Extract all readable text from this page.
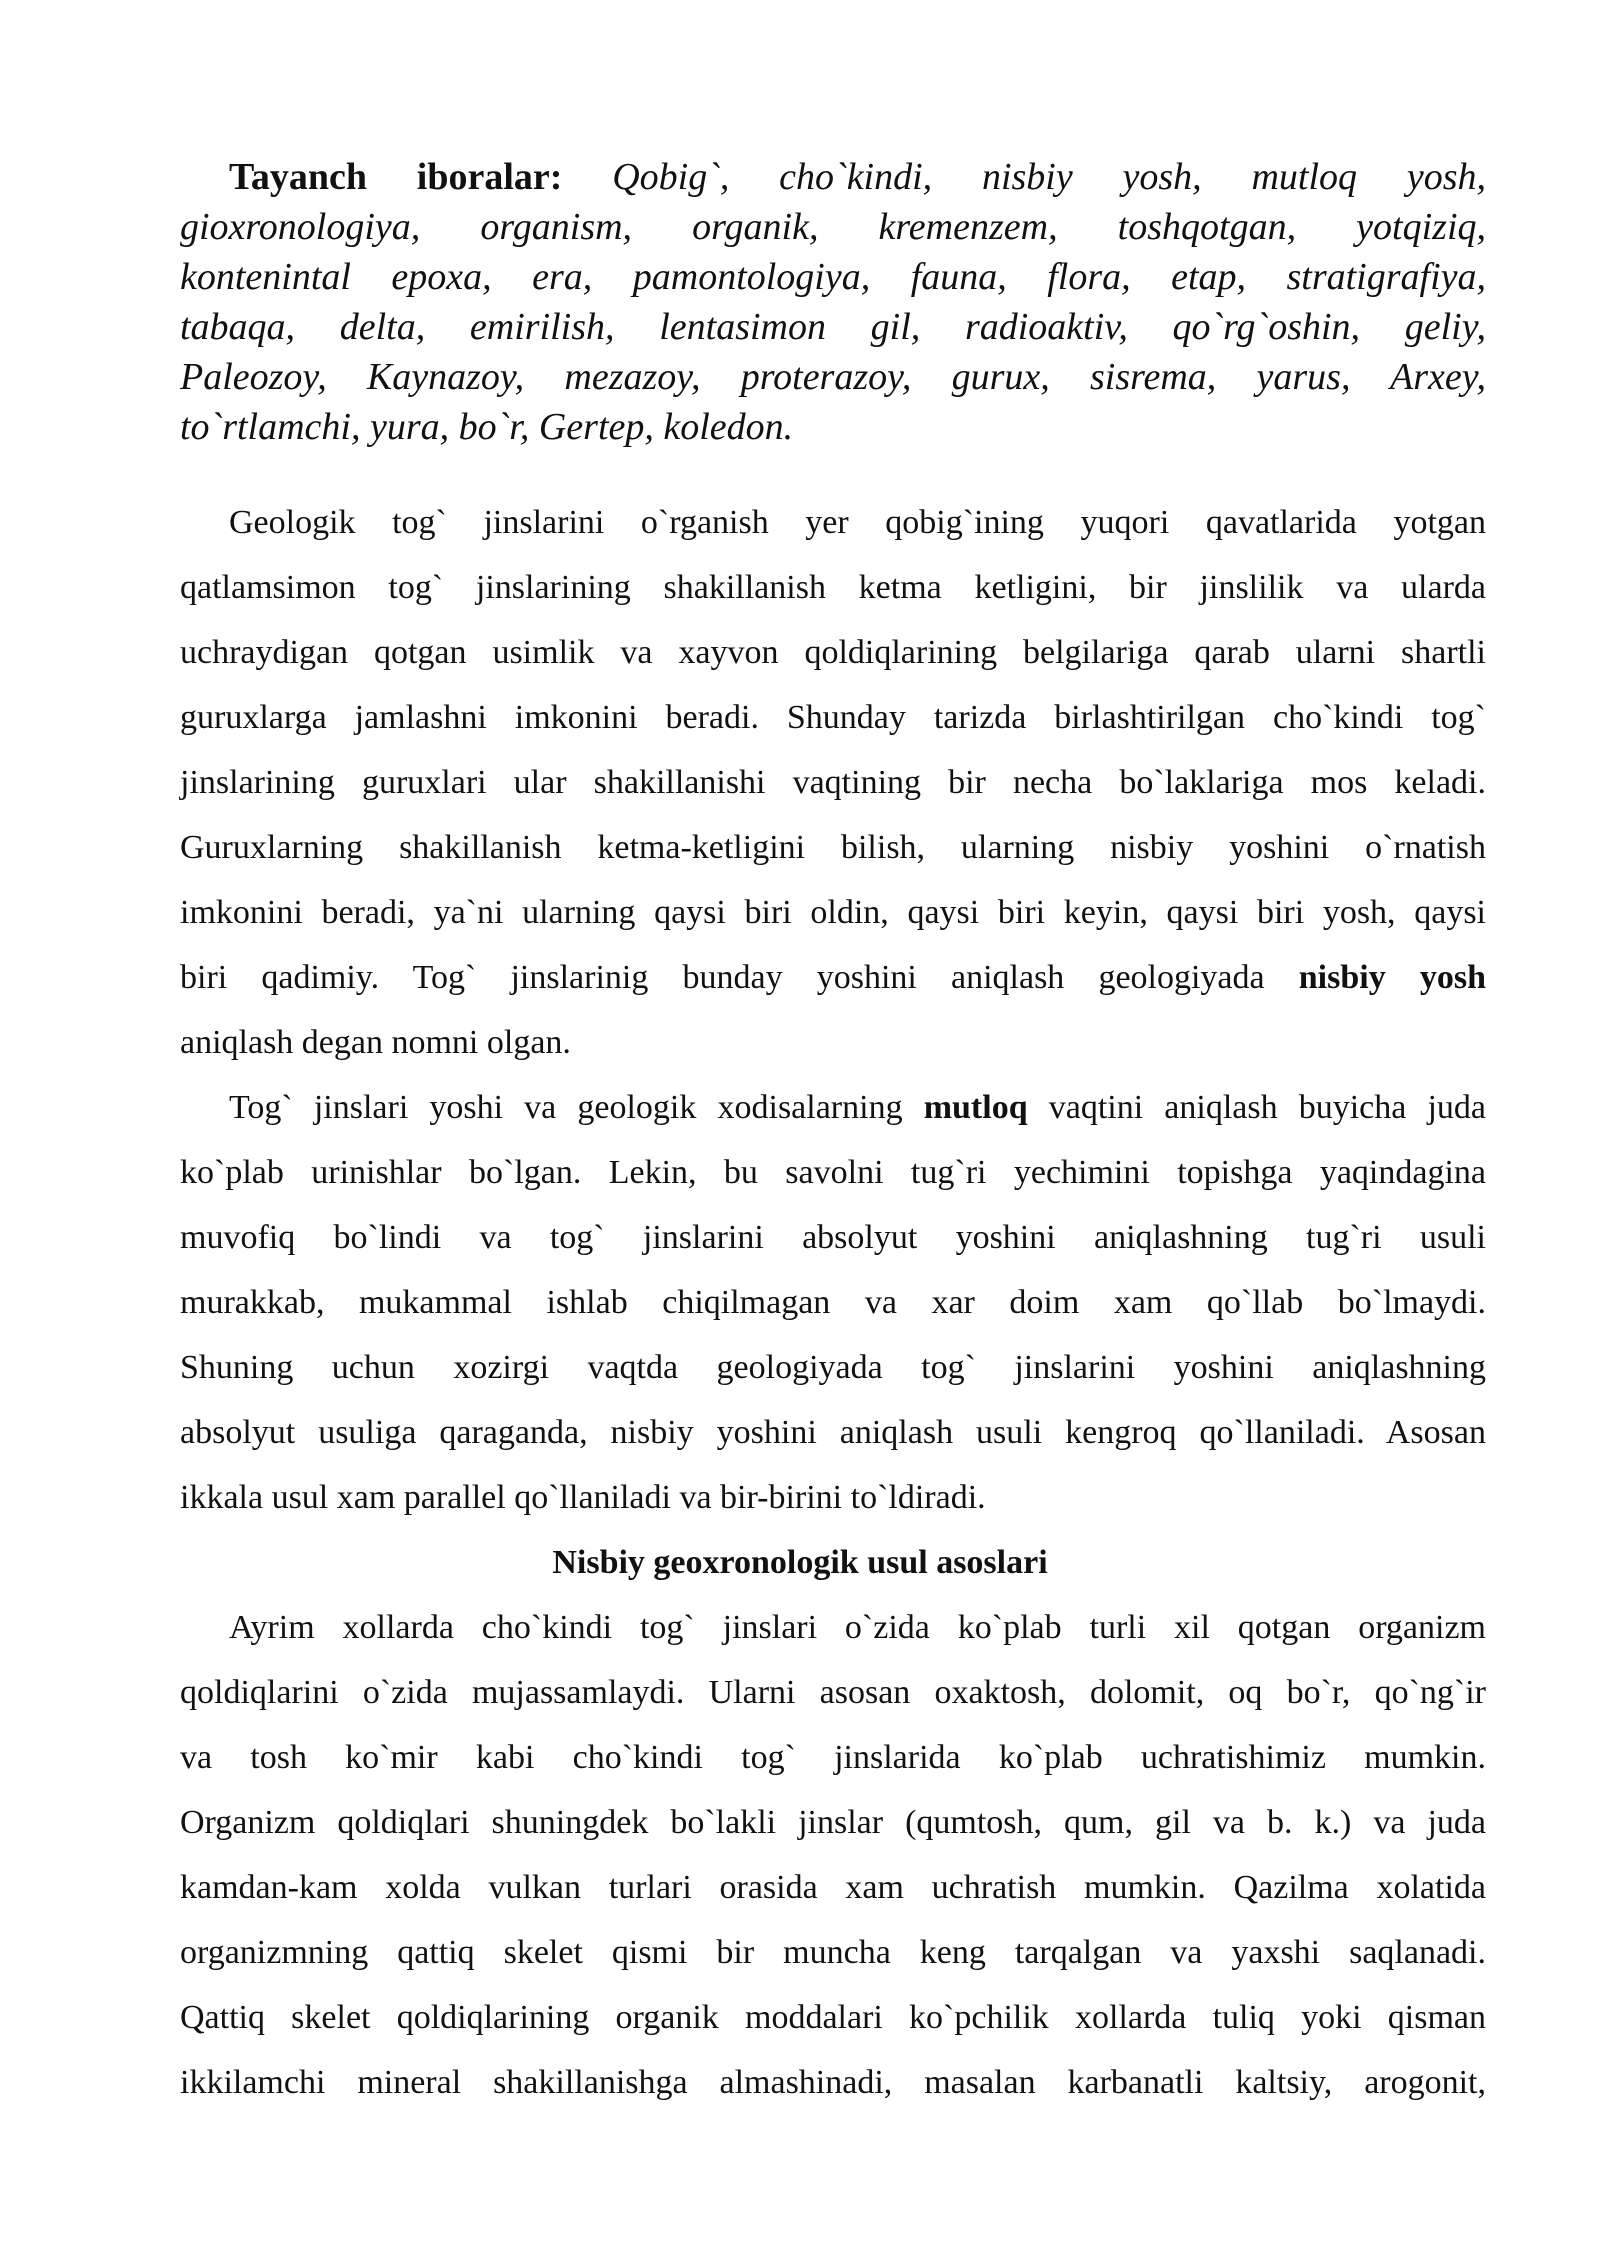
Tayanch iboralar: Qobig`, cho`kindi, nisbiy yosh, mutloq yosh,
gioxronologiya, organism, organik, kremenzem, toshqotgan, yotqiziq,
kontenintal epoxa, era, pamontologiya, fauna, flora, etap, stratigrafiya,
tabaqa, delta, emirilish, lentasimon gil, radioaktiv, qo`rg`oshin, geliy,
Paleozoy, Kaynazoy, mezazoy, proterazoy, gurux, sisrema, yarus, Arxey,
to`rtlamchi, yura, bo`r, Gertep, koledon.
Geologik tog` jinslarini o`rganish yer qobig`ining yuqori qavatlarida yotgan
qatlamsimon tog` jinslarining shakillanish ketma ketligini, bir jinslilik va ularda
uchraydigan qotgan usimlik va xayvon qoldiqlarining belgilariga qarab ularni shartli
guruxlarga jamlashni imkonini beradi. Shunday tarizda birlashtirilgan cho`kindi tog`
jinslarining guruxlari ular shakillanishi vaqtining bir necha bo`laklariga mos keladi.
Guruxlarning shakillanish ketma-ketligini bilish, ularning nisbiy yoshini o`rnatish
imkonini beradi, ya`ni ularning qaysi biri oldin, qaysi biri keyin, qaysi biri yosh, qaysi
biri qadimiy. Tog` jinslarinig bunday yoshini aniqlash geologiyada nisbiy yosh
aniqlash degan nomni olgan.
Tog` jinslari yoshi va geologik xodisalarning mutloq vaqtini aniqlash buyicha juda
ko`plab urinishlar bo`lgan. Lekin, bu savolni tug`ri yechimini topishga yaqindagina
muvofiq bo`lindi va tog` jinslarini absolyut yoshini aniqlashning tug`ri usuli
murakkab, mukammal ishlab chiqilmagan va xar doim xam qo`llab bo`lmaydi.
Shuning uchun xozirgi vaqtda geologiyada tog` jinslarini yoshini aniqlashning
absolyut usuliga qaraganda, nisbiy yoshini aniqlash usuli kengroq qo`llaniladi. Asosan
ikkala usul xam parallel qo`llaniladi va bir-birini to`ldiradi.
Nisbiy geoxronologik usul asoslari
Ayrim xollarda cho`kindi tog` jinslari o`zida ko`plab turli xil qotgan organizm
qoldiqlarini o`zida mujassamlaydi. Ularni asosan oxaktosh, dolomit, oq bo`r, qo`ng`ir
va tosh ko`mir kabi cho`kindi tog` jinslarida ko`plab uchratishimiz mumkin.
Organizm qoldiqlari shuningdek bo`lakli jinslar (qumtosh, qum, gil va b. k.) va juda
kamdan-kam xolda vulkan turlari orasida xam uchratish mumkin. Qazilma xolatida
organizmning qattiq skelet qismi bir muncha keng tarqalgan va yaxshi saqlanadi.
Qattiq skelet qoldiqlarining organik moddalari ko`pchilik xollarda tuliq yoki qisman
ikkilamchi mineral shakillanishga almashinadi, masalan karbanatli kaltsiy, arogonit,
